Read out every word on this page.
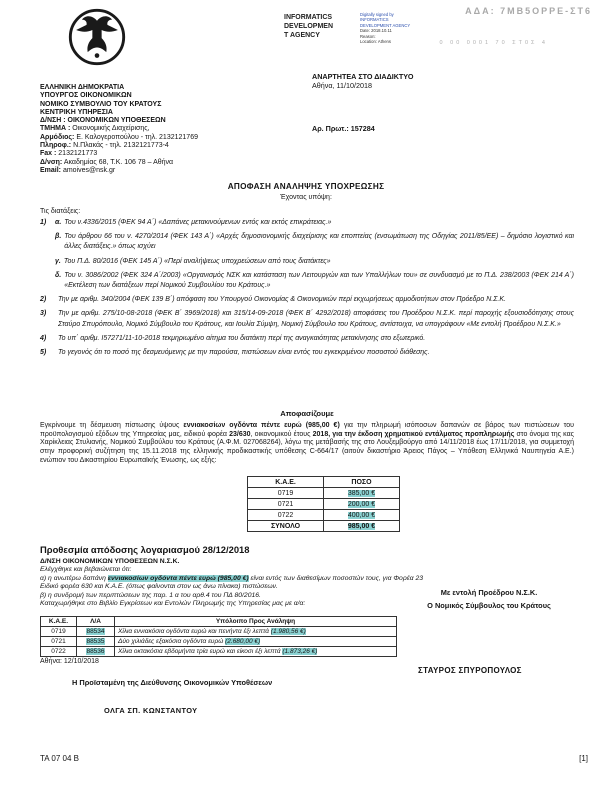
INFORMATICS
DEVELOPMEN
T AGENCY
Digitally signed by
INFORMATICS
DEVELOPMENT AGENCY
Date: 2018.10.11
Reason:
Location: Athens
ΑΔΑ: 7ΜΒ5ΟΡΡΕ-ΣΤ6
0 00 0001 70 ΣΤ0Σ 4
ΕΛΛΗΝΙΚΗ ΔΗΜΟΚΡΑΤΙΑ
ΥΠΟΥΡΓΟΣ ΟΙΚΟΝΟΜΙΚΩΝ
ΝΟΜΙΚΟ ΣΥΜΒΟΥΛΙΟ ΤΟΥ ΚΡΑΤΟΥΣ
ΚΕΝΤΡΙΚΗ ΥΠΗΡΕΣΙΑ
Δ/ΝΣΗ : ΟΙΚΟΝΟΜΙΚΩΝ ΥΠΟΘΕΣΕΩΝ
ΤΜΗΜΑ : Οικονομικής Διαχείρισης,
Αρμόδιος: Ε. Καλογεροπούλου - τηλ. 2132121769
Πληροφ.: Ν.Πλακάς - τηλ. 2132121773-4
Fax : 2132121773
Δ/νση: Ακαδημίας 68, Τ.Κ. 106 78 – Αθήνα
Email: amoives@nsk.gr
ΑΝΑΡΤΗΤΕΑ ΣΤΟ ΔΙΑΔΙΚΤΥΟ
Αθήνα, 11/10/2018
Αρ. Πρωτ.: 157284
ΑΠΟΦΑΣΗ ΑΝΑΛΗΨΗΣ ΥΠΟΧΡΕΩΣΗΣ
Έχοντας υπόψη:
Τις διατάξεις:
1)	α. Του ν.4336/2015 (ΦΕΚ 94 Α΄) «Δαπάνες μετακινούμενων εντός και εκτός επικράτειας.»
β. Του άρθρου 66 του ν. 4270/2014 (ΦΕΚ 143 Α΄) «Αρχές δημοσιονομικής διαχείρισης και εποπτείας (ενσωμάτωση της Οδηγίας 2011/85/ΕΕ) – δημόσιο λογιστικό και άλλες διατάξεις.» όπως ισχύει
γ. Του Π.Δ. 80/2016 (ΦΕΚ 145 Α΄) «Περί αναλήψεως υποχρεώσεων από τους διατάκτες»
δ. Του ν. 3086/2002 (ΦΕΚ 324 Α΄/2003) «Οργανισμός ΝΣΚ και κατάσταση των Λειτουργών και των Υπαλλήλων του» σε συνδυασμό με το Π.Δ. 238/2003 (ΦΕΚ 214 Α΄) «Εκτέλεση των διατάξεων περί Νομικού Συμβουλίου του Κράτους.»
2)	Την με αριθμ. 340/2004 (ΦΕΚ 139 Β΄) απόφαση του Υπουργού Οικονομίας & Οικονομικών περί εκχωρήσεως αρμοδιοτήτων στον Πρόεδρο Ν.Σ.Κ.
3)	Την με αριθμ. 275/10-08-2018 (ΦΕΚ Β΄ 3969/2018) και 315/14-09-2018 (ΦΕΚ Β΄ 4292/2018) αποφάσεις του Προέδρου Ν.Σ.Κ. περί παροχής εξουσιοδότησης στους Σταύρο Σπυρόπουλο, Νομικό Σύμβουλο του Κράτους, και Ιουλία Σύμψη, Νομική Σύμβουλο του Κράτους, αντίστοιχα, να υπογράφουν «Με εντολή Προέδρου Ν.Σ.Κ.»
4)	Το υπ΄ αριθμ. Ι57271/11-10-2018 τεκμηριωμένο αίτημα του διατάκτη περί της αναγκαιότητας μετακίνησης στο εξωτερικό.
5)	Το γεγονός ότι το ποσό της δεσμευόμενης με την παρούσα, πιστώσεων είναι εντός του εγκεκριμένου ποσοστού διάθεσης.
Αποφασίζουμε

Εγκρίνουμε τη δέσμευση πίστωσης ύψους εννιακοσίων ογδόντα πέντε ευρώ (985,00 €) για την πληρωμή ισόποσων δαπανών σε βάρος των πιστώσεων του προϋπολογισμού εξόδων της Υπηρεσίας μας, ειδικού φορέα 23/630, οικονομικού έτους 2018, για την έκδοση χρηματικού εντάλματος προπληρωμής στο όνομα της κας Χαρίκλειας Στυλιανής, Νομικού Συμβούλου του Κράτους (Α.Φ.Μ. 027068264), λόγω της μετάβασής της στο Λουξεμβούργο από 14/11/2018 έως 17/11/2018, για συμμετοχή στην προφορική συζήτηση της 15.11.2018 της ελληνικής προδικαστικής υπόθεσης C-664/17 (αιτούν δικαστήριο Άρειος Πάγος – Υπόθεση Ελληνικά Ναυπηγεία Α.Ε.) ενώπιον του Δικαστηρίου Ευρωπαϊκής Ένωσης, ως εξής:

Κ.Α.Ε.	ΠΟΣΟ
0719	385,00 €
0721	200,00 €
0722	400,00 €
ΣΥΝΟΛΟ	985,00 €
Προθεσμία απόδοσης λογαριασμού 28/12/2018
Δ/ΝΣΗ ΟΙΚΟΝΟΜΙΚΩΝ ΥΠΟΘΕΣΕΩΝ Ν.Σ.Κ.
Ελέγχθηκε και βεβαιώνεται ότι:
α) η ανωτέρω δαπάνη εννιακοσίων ογδόντα πέντε ευρώ (985,00 €) είναι εντός των διαθεσίμων ποσοστών τους, για Φορέα 23 Ειδικό φορέα 630 και Κ.Α.Ε. (όπως φαίνονται στον ως άνω πίνακα) πιστώσεων.
β) η συνδρομή των περιπτώσεων της παρ. 1 α του αρθ.4 του ΠΔ 80/2016.
Καταχωρήθηκε στο Βιβλίο Εγκρίσεων και Εντολών Πληρωμής της Υπηρεσίας μας με α/α:
Με εντολή Προέδρου Ν.Σ.Κ.
Ο Νομικός Σύμβουλος του Κράτους
Κ.Α.Ε.	Λ/Α	Υπόλοιπο Προς Ανάληψη
0719	88534	Χίλια εννιακόσια ογδόντα ευρώ και πενήντα έξι λεπτά (1.980,56 €)
0721	88535	Δύο χιλιάδες εξακόσια ογδόντα ευρώ (2.680,00 €)
0722	88536	Χίλια οκτακόσια εβδομήντα τρία ευρώ και είκοσι έξι λεπτά (1.873,26 €)
Αθήνα: 12/10/2018
ΣΤΑΥΡΟΣ ΣΠΥΡΟΠΟΥΛΟΣ
Η Προϊσταμένη της Διεύθυνσης Οικονομικών Υποθέσεων
ΟΛΓΑ ΣΠ. ΚΩΝΣΤΑΝΤΟΥ
ΤΑ 07 04 Β	[1]
